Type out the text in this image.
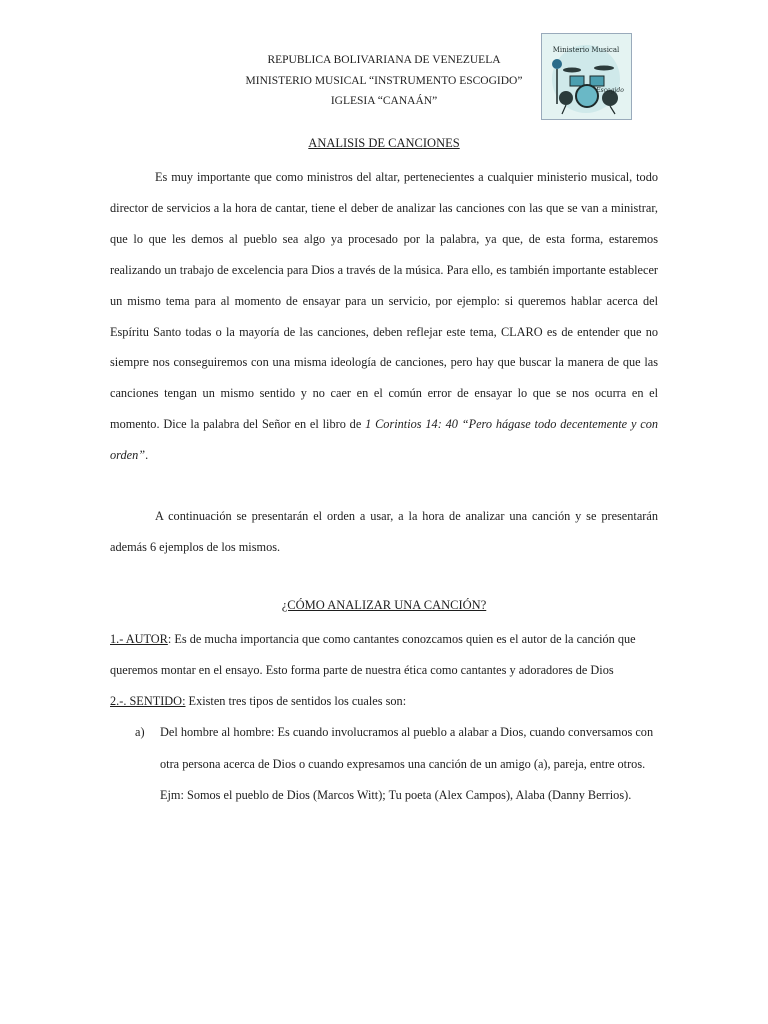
REPUBLICA BOLIVARIANA DE VENEZUELA
MINISTERIO MUSICAL “INSTRUMENTO ESCOGIDO”
IGLESIA “CANAÁN”
Ministerio Musical
Escogido
ANALISIS DE CANCIONES

Es muy importante que como ministros del altar, pertenecientes a cualquier ministerio musical, todo director de servicios a la hora de cantar, tiene el deber de analizar las canciones con las que se van a ministrar, que lo que les demos al pueblo sea algo ya procesado por la palabra, ya que, de esta forma, estaremos realizando un trabajo de excelencia para Dios a través de la música. Para ello, es también importante establecer un mismo tema para al momento de ensayar para un servicio, por ejemplo: si queremos hablar acerca del Espíritu Santo todas o la mayoría de las canciones, deben reflejar este tema, CLARO es de entender que no siempre nos conseguiremos con una misma ideología de canciones, pero hay que buscar la manera de que las canciones tengan un mismo sentido y no caer en el común error de ensayar lo que se nos ocurra en el momento. Dice la palabra del Señor en el libro de 1 Corintios 14: 40 “Pero hágase todo decentemente y con orden”.

A continuación se presentarán el orden a usar, a la hora de analizar una canción y se presentarán además 6 ejemplos de los mismos.

¿CÓMO ANALIZAR UNA CANCIÓN?

1.- AUTOR: Es de mucha importancia que como cantantes conozcamos quien es el autor de la canción que queremos montar en el ensayo. Esto forma parte de nuestra ética como cantantes y adoradores de Dios

2.-. SENTIDO: Existen tres tipos de sentidos los cuales son:

a) Del hombre al hombre: Es cuando involucramos al pueblo a alabar a Dios, cuando conversamos con otra persona acerca de Dios o cuando expresamos una canción de un amigo (a), pareja, entre otros. Ejm: Somos el pueblo de Dios (Marcos Witt); Tu poeta (Alex Campos), Alaba (Danny Berrios).
